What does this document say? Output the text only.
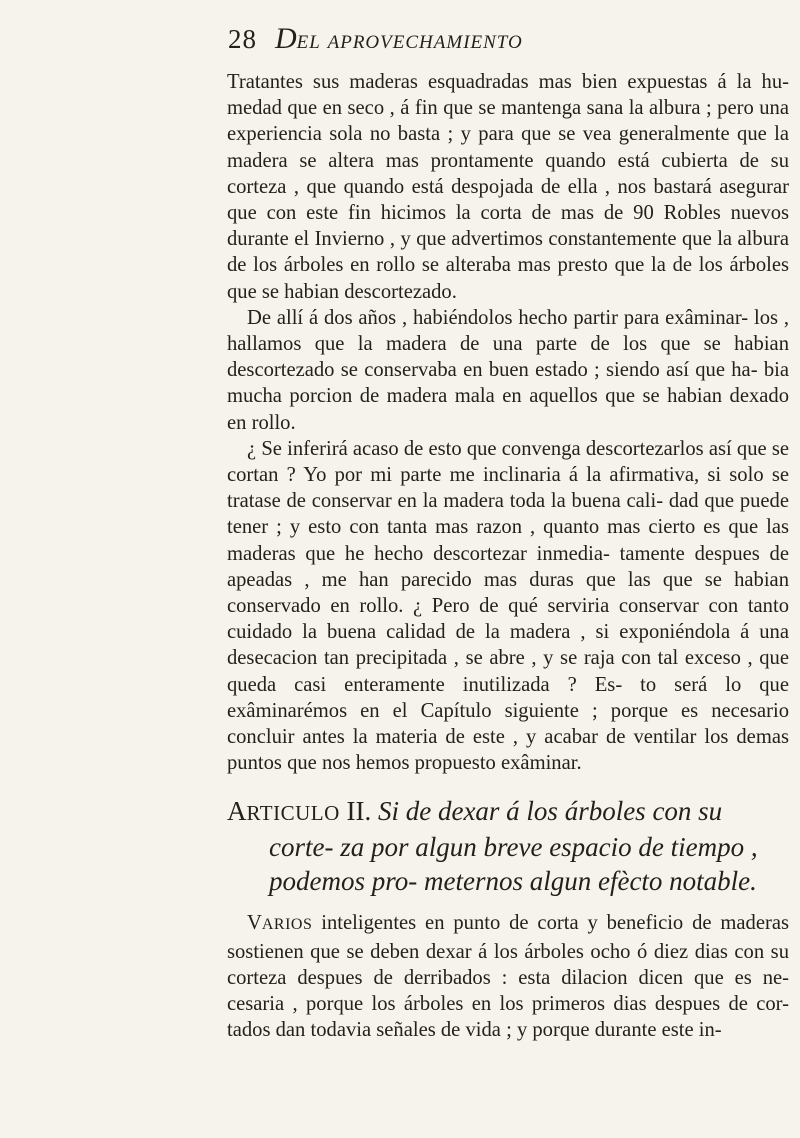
28 DEL APROVECHAMIENTO

Tratantes sus maderas esquadradas mas bien expuestas á la hu- medad que en seco , á fin que se mantenga sana la albura ; pero una experiencia sola no basta ; y para que se vea generalmente que la madera se altera mas prontamente quando está cubierta de su corteza , que quando está despojada de ella , nos bastará asegurar que con este fin hicimos la corta de mas de 90 Robles nuevos durante el Invierno , y que advertimos constantemente que la albura de los árboles en rollo se alteraba mas presto que la de los árboles que se habian descortezado.

De allí á dos años , habiéndolos hecho partir para exâminar- los , hallamos que la madera de una parte de los que se habian descortezado se conservaba en buen estado ; siendo así que ha- bia mucha porcion de madera mala en aquellos que se habian dexado en rollo.

¿ Se inferirá acaso de esto que convenga descortezarlos así que se cortan ? Yo por mi parte me inclinaria á la afirmativa, si solo se tratase de conservar en la madera toda la buena cali- dad que puede tener ; y esto con tanta mas razon , quanto mas cierto es que las maderas que he hecho descortezar inmedia- tamente despues de apeadas , me han parecido mas duras que las que se habian conservado en rollo. ¿ Pero de qué serviria conservar con tanto cuidado la buena calidad de la madera , si exponiéndola á una desecacion tan precipitada , se abre , y se raja con tal exceso , que queda casi enteramente inutilizada ? Es- to será lo que exâminarémos en el Capítulo siguiente ; porque es necesario concluir antes la materia de este , y acabar de ventilar los demas puntos que nos hemos propuesto exâminar.

ARTICULO II. Si de dexar á los árboles con su corte- za por algun breve espacio de tiempo , podemos pro- meternos algun efècto notable.

VARIOS inteligentes en punto de corta y beneficio de maderas sostienen que se deben dexar á los árboles ocho ó diez dias con su corteza despues de derribados : esta dilacion dicen que es ne- cesaria , porque los árboles en los primeros dias despues de cor- tados dan todavia señales de vida ; y porque durante este in-
